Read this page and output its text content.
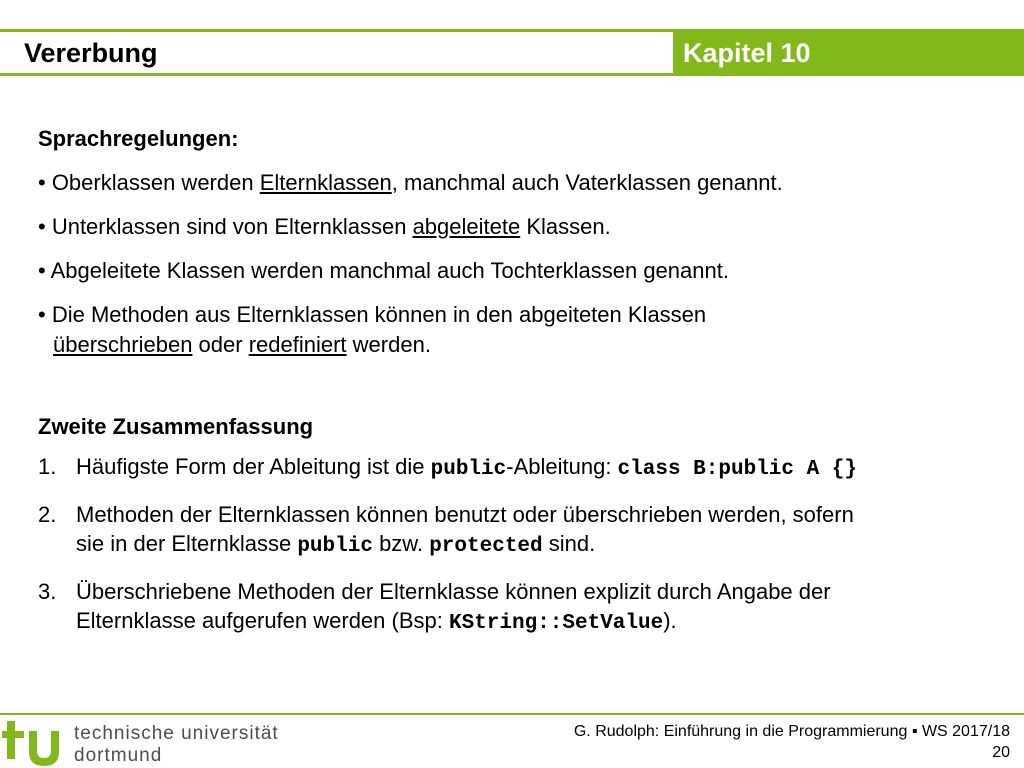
Vererbung	Kapitel 10
Sprachregelungen:
• Oberklassen werden Elternklassen, manchmal auch Vaterklassen genannt.
• Unterklassen sind von Elternklassen abgeleitete Klassen.
• Abgeleitete Klassen werden manchmal auch Tochterklassen genannt.
• Die Methoden aus Elternklassen können in den abgeiteten Klassen
überschrieben oder redefiniert werden.
Zweite Zusammenfassung
1. Häufigste Form der Ableitung ist die public-Ableitung: class B:public A {}
2. Methoden der Elternklassen können benutzt oder überschrieben werden, sofern
sie in der Elternklasse public bzw. protected sind.
3. Überschriebene Methoden der Elternklasse können explizit durch Angabe der
Elternklasse aufgerufen werden (Bsp: KString::SetValue).
technische universität
dortmund
G. Rudolph: Einführung in die Programmierung ▪ WS 2017/18
20
